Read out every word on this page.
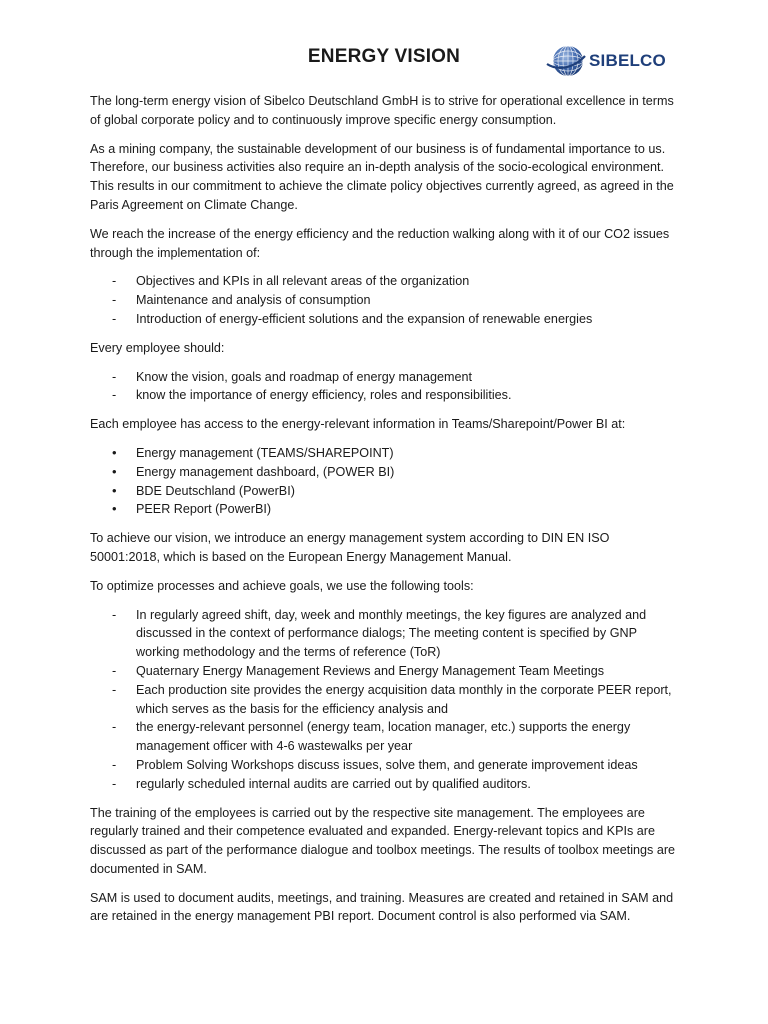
ENERGY VISION	SIBELCO

The long-term energy vision of Sibelco Deutschland GmbH is to strive for operational excellence in terms of global corporate policy and to continuously improve specific energy consumption.

As a mining company, the sustainable development of our business is of fundamental importance to us. Therefore, our business activities also require an in-depth analysis of the socio-ecological environment. This results in our commitment to achieve the climate policy objectives currently agreed, as agreed in the Paris Agreement on Climate Change.

We reach the increase of the energy efficiency and the reduction walking along with it of our CO2 issues through the implementation of:

- Objectives and KPIs in all relevant areas of the organization
- Maintenance and analysis of consumption
- Introduction of energy-efficient solutions and the expansion of renewable energies

Every employee should:

- Know the vision, goals and roadmap of energy management
- know the importance of energy efficiency, roles and responsibilities.

Each employee has access to the energy-relevant information in Teams/Sharepoint/Power BI at:

• Energy management (TEAMS/SHAREPOINT)
• Energy management dashboard, (POWER BI)
• BDE Deutschland (PowerBI)
• PEER Report (PowerBI)

To achieve our vision, we introduce an energy management system according to DIN EN ISO 50001:2018, which is based on the European Energy Management Manual.

To optimize processes and achieve goals, we use the following tools:

- In regularly agreed shift, day, week and monthly meetings, the key figures are analyzed and discussed in the context of performance dialogs; The meeting content is specified by GNP working methodology and the terms of reference (ToR)
- Quaternary Energy Management Reviews and Energy Management Team Meetings
- Each production site provides the energy acquisition data monthly in the corporate PEER report, which serves as the basis for the efficiency analysis and
- the energy-relevant personnel (energy team, location manager, etc.) supports the energy management officer with 4-6 wastewalks per year
- Problem Solving Workshops discuss issues, solve them, and generate improvement ideas
- regularly scheduled internal audits are carried out by qualified auditors.

The training of the employees is carried out by the respective site management. The employees are regularly trained and their competence evaluated and expanded. Energy-relevant topics and KPIs are discussed as part of the performance dialogue and toolbox meetings. The results of toolbox meetings are documented in SAM.

SAM is used to document audits, meetings, and training. Measures are created and retained in SAM and are retained in the energy management PBI report. Document control is also performed via SAM.
